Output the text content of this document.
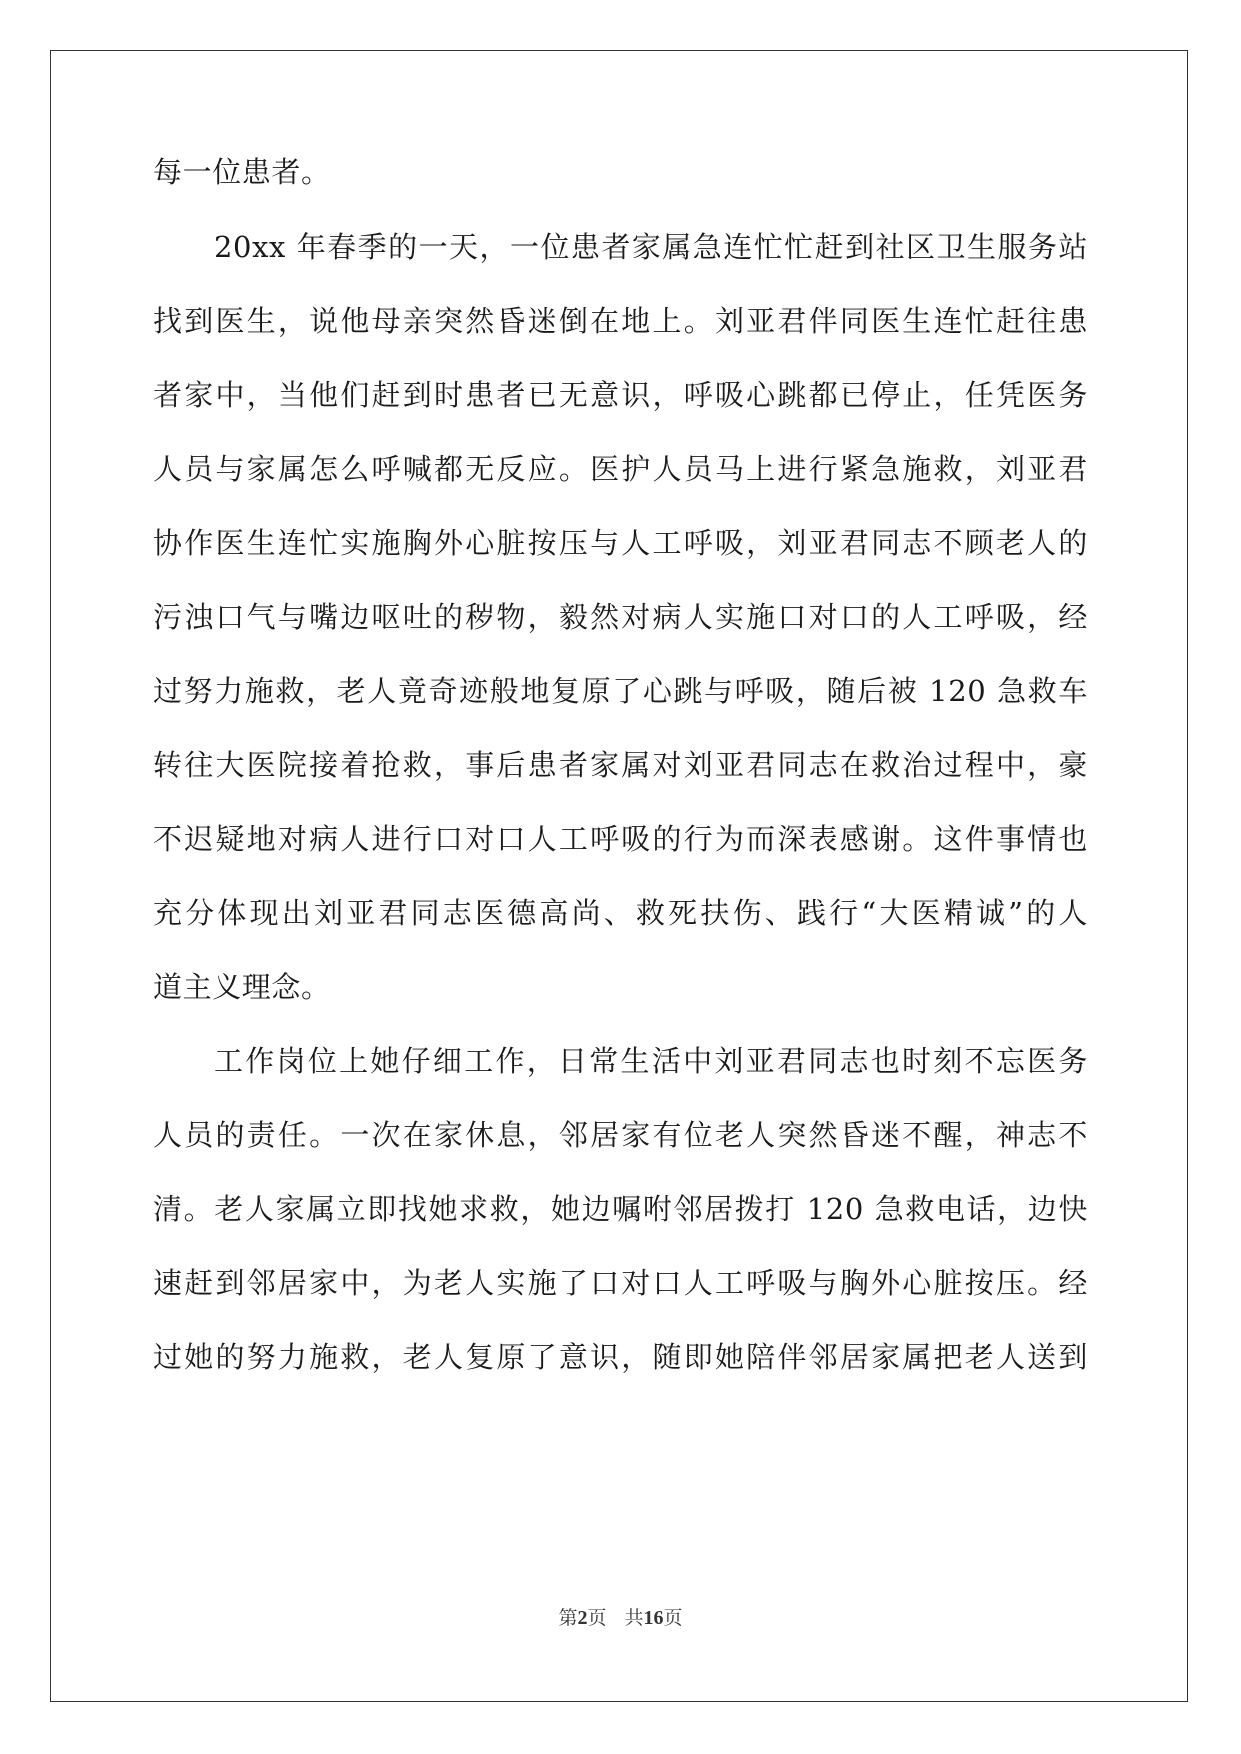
每一位患者。
20xx 年春季的一天，一位患者家属急连忙忙赶到社区卫生服务站
找到医生，说他母亲突然昏迷倒在地上。刘亚君伴同医生连忙赶往患
者家中，当他们赶到时患者已无意识，呼吸心跳都已停止，任凭医务
人员与家属怎么呼喊都无反应。医护人员马上进行紧急施救，刘亚君
协作医生连忙实施胸外心脏按压与人工呼吸，刘亚君同志不顾老人的
污浊口气与嘴边呕吐的秽物，毅然对病人实施口对口的人工呼吸，经
过努力施救，老人竟奇迹般地复原了心跳与呼吸，随后被 120 急救车
转往大医院接着抢救，事后患者家属对刘亚君同志在救治过程中，豪
不迟疑地对病人进行口对口人工呼吸的行为而深表感谢。这件事情也
充分体现出刘亚君同志医德高尚、救死扶伤、践行“大医精诚”的人
道主义理念。
工作岗位上她仔细工作，日常生活中刘亚君同志也时刻不忘医务
人员的责任。一次在家休息，邻居家有位老人突然昏迷不醒，神志不
清。老人家属立即找她求救，她边嘱咐邻居拨打 120 急救电话，边快
速赶到邻居家中，为老人实施了口对口人工呼吸与胸外心脏按压。经
过她的努力施救，老人复原了意识，随即她陪伴邻居家属把老人送到
第2页 共16页
